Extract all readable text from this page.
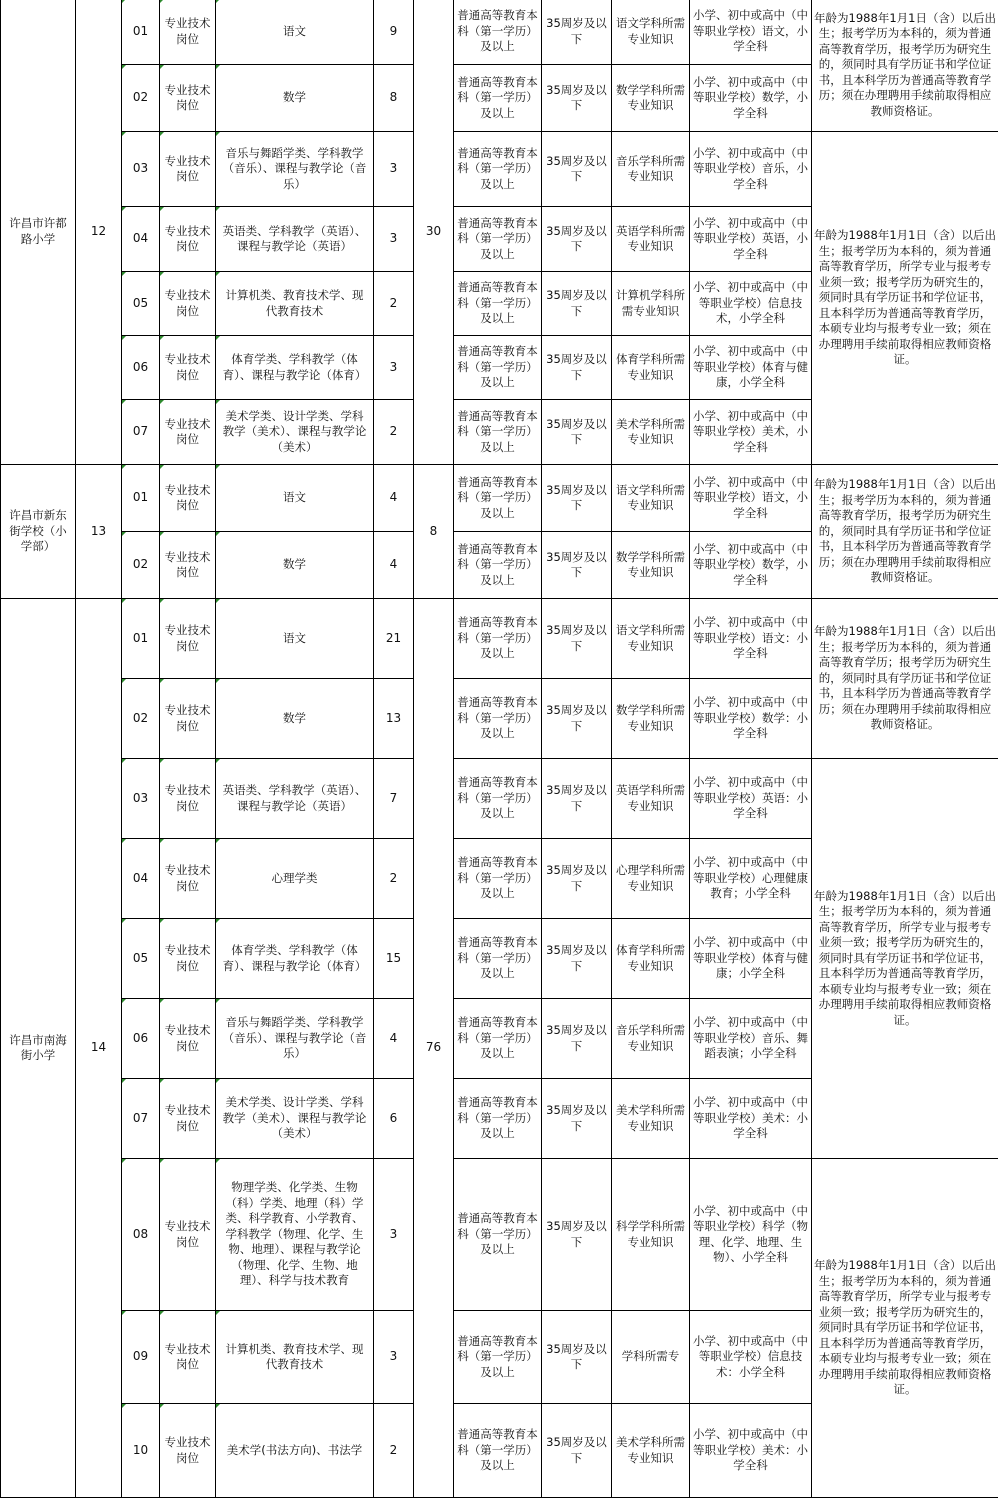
许昌市许都路小学	12	01	专业技术岗位	语文	9	30	普通高等教育本科（第一学历）及以上	35周岁及以下	语文学科所需专业知识	小学、初中或高中（中等职业学校）语文，小学全科	年龄为1988年1月1日（含）以后出生；报考学历为本科的，须为普通高等教育学历，报考学历为研究生的，须同时具有学历证书和学位证书，且本科学历为普通高等教育学历；须在办理聘用手续前取得相应教师资格证。
		02	专业技术岗位	数学	8		普通高等教育本科（第一学历）及以上	35周岁及以下	数学学科所需专业知识	小学、初中或高中（中等职业学校）数学，小学全科	
		03	专业技术岗位	音乐与舞蹈学类、学科教学（音乐）、课程与教学论（音乐）	3		普通高等教育本科（第一学历）及以上	35周岁及以下	音乐学科所需专业知识	小学、初中或高中（中等职业学校）音乐，小学全科	年龄为1988年1月1日（含）以后出生；报考学历为本科的，须为普通高等教育学历，所学专业与报考专业须一致；报考学历为研究生的，须同时具有学历证书和学位证书，且本科学历为普通高等教育学历，本硕专业均与报考专业一致；须在办理聘用手续前取得相应教师资格证。
		04	专业技术岗位	英语类、学科教学（英语）、课程与教学论（英语）	3		普通高等教育本科（第一学历）及以上	35周岁及以下	英语学科所需专业知识	小学、初中或高中（中等职业学校）英语，小学全科	
		05	专业技术岗位	计算机类、教育技术学、现代教育技术	2		普通高等教育本科（第一学历）及以上	35周岁及以下	计算机学科所需专业知识	小学、初中或高中（中等职业学校）信息技术，小学全科	
		06	专业技术岗位	体育学类、学科教学（体育）、课程与教学论（体育）	3		普通高等教育本科（第一学历）及以上	35周岁及以下	体育学科所需专业知识	小学、初中或高中（中等职业学校）体育与健康，小学全科	
		07	专业技术岗位	美术学类、设计学类、学科教学（美术）、课程与教学论（美术）	2		普通高等教育本科（第一学历）及以上	35周岁及以下	美术学科所需专业知识	小学、初中或高中（中等职业学校）美术，小学全科	
许昌市新东街学校（小学部）	13	01	专业技术岗位	语文	4	8	普通高等教育本科（第一学历）及以上	35周岁及以下	语文学科所需专业知识	小学、初中或高中（中等职业学校）语文，小学全科	年龄为1988年1月1日（含）以后出生；报考学历为本科的，须为普通高等教育学历，报考学历为研究生的，须同时具有学历证书和学位证书，且本科学历为普通高等教育学历；须在办理聘用手续前取得相应教师资格证。
		02	专业技术岗位	数学	4		普通高等教育本科（第一学历）及以上	35周岁及以下	数学学科所需专业知识	小学、初中或高中（中等职业学校）数学，小学全科	
许昌市南海街小学	14	01	专业技术岗位	语文	21	76	普通高等教育本科（第一学历）及以上	35周岁及以下	语文学科所需专业知识	小学、初中或高中（中等职业学校）语文：小学全科	年龄为1988年1月1日（含）以后出生；报考学历为本科的，须为普通高等教育学历；报考学历为研究生的，须同时具有学历证书和学位证书，且本科学历为普通高等教育学历；须在办理聘用手续前取得相应教师资格证。
		02	专业技术岗位	数学	13		普通高等教育本科（第一学历）及以上	35周岁及以下	数学学科所需专业知识	小学、初中或高中（中等职业学校）数学：小学全科	
		03	专业技术岗位	英语类、学科教学（英语）、课程与教学论（英语）	7		普通高等教育本科（第一学历）及以上	35周岁及以下	英语学科所需专业知识	小学、初中或高中（中等职业学校）英语：小学全科	年龄为1988年1月1日（含）以后出生；报考学历为本科的，须为普通高等教育学历，所学专业与报考专业须一致；报考学历为研究生的，须同时具有学历证书和学位证书，且本科学历为普通高等教育学历，本硕专业均与报考专业一致；须在办理聘用手续前取得相应教师资格证。
		04	专业技术岗位	心理学类	2		普通高等教育本科（第一学历）及以上	35周岁及以下	心理学科所需专业知识	小学、初中或高中（中等职业学校）心理健康教育；小学全科	
		05	专业技术岗位	体育学类、学科教学（体育）、课程与教学论（体育）	15		普通高等教育本科（第一学历）及以上	35周岁及以下	体育学科所需专业知识	小学、初中或高中（中等职业学校）体育与健康；小学全科	
		06	专业技术岗位	音乐与舞蹈学类、学科教学（音乐）、课程与教学论（音乐）	4		普通高等教育本科（第一学历）及以上	35周岁及以下	音乐学科所需专业知识	小学、初中或高中（中等职业学校）音乐、舞蹈表演；小学全科	
		07	专业技术岗位	美术学类、设计学类、学科教学（美术）、课程与教学论（美术）	6		普通高等教育本科（第一学历）及以上	35周岁及以下	美术学科所需专业知识	小学、初中或高中（中等职业学校）美术：小学全科	
		08	专业技术岗位	物理学类、化学类、生物（科）学类、地理（科）学类、科学教育、小学教育、学科教学（物理、化学、生物、地理）、课程与教学论（物理、化学、生物、地理）、科学与技术教育	3		普通高等教育本科（第一学历）及以上	35周岁及以下	科学学科所需专业知识	小学、初中或高中（中等职业学校）科学（物理、化学、地理、生物）、小学全科	年龄为1988年1月1日（含）以后出生；报考学历为本科的，须为普通高等教育学历，所学专业与报考专业须一致；报考学历为研究生的，须同时具有学历证书和学位证书，且本科学历为普通高等教育学历，本硕专业均与报考专业一致；须在办理聘用手续前取得相应教师资格证。
		09	专业技术岗位	计算机类、教育技术学、现代教育技术	3		普通高等教育本科（第一学历）及以上	35周岁及以下	学科所需专	小学、初中或高中（中等职业学校）信息技术：小学全科	
		10	专业技术岗位	美术学(书法方向)、书法学	2		普通高等教育本科（第一学历）及以上	35周岁及以下	美术学科所需专业知识	小学、初中或高中（中等职业学校）美术：小学全科	
